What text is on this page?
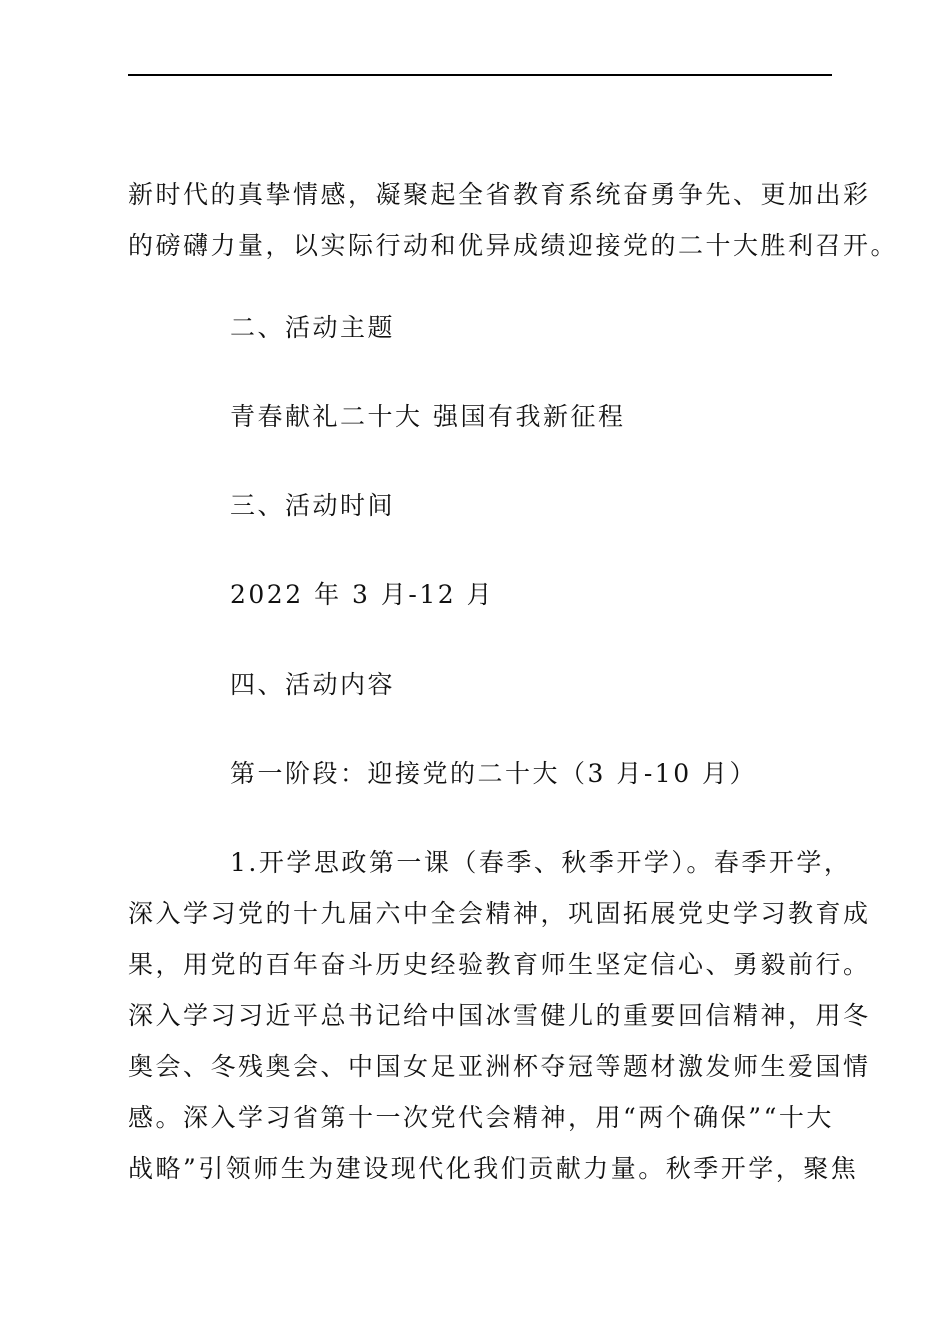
新时代的真挚情感，凝聚起全省教育系统奋勇争先、更加出彩
的磅礴力量，以实际行动和优异成绩迎接党的二十大胜利召开。
二、活动主题
青春献礼二十大 强国有我新征程
三、活动时间
2022 年 3 月-12 月
四、活动内容
第一阶段：迎接党的二十大（3 月-10 月）
1.开学思政第一课（春季、秋季开学）。春季开学，
深入学习党的十九届六中全会精神，巩固拓展党史学习教育成
果，用党的百年奋斗历史经验教育师生坚定信心、勇毅前行。
深入学习习近平总书记给中国冰雪健儿的重要回信精神，用冬
奥会、冬残奥会、中国女足亚洲杯夺冠等题材激发师生爱国情
感。深入学习省第十一次党代会精神，用“两个确保”“十大
战略”引领师生为建设现代化我们贡献力量。秋季开学，聚焦
